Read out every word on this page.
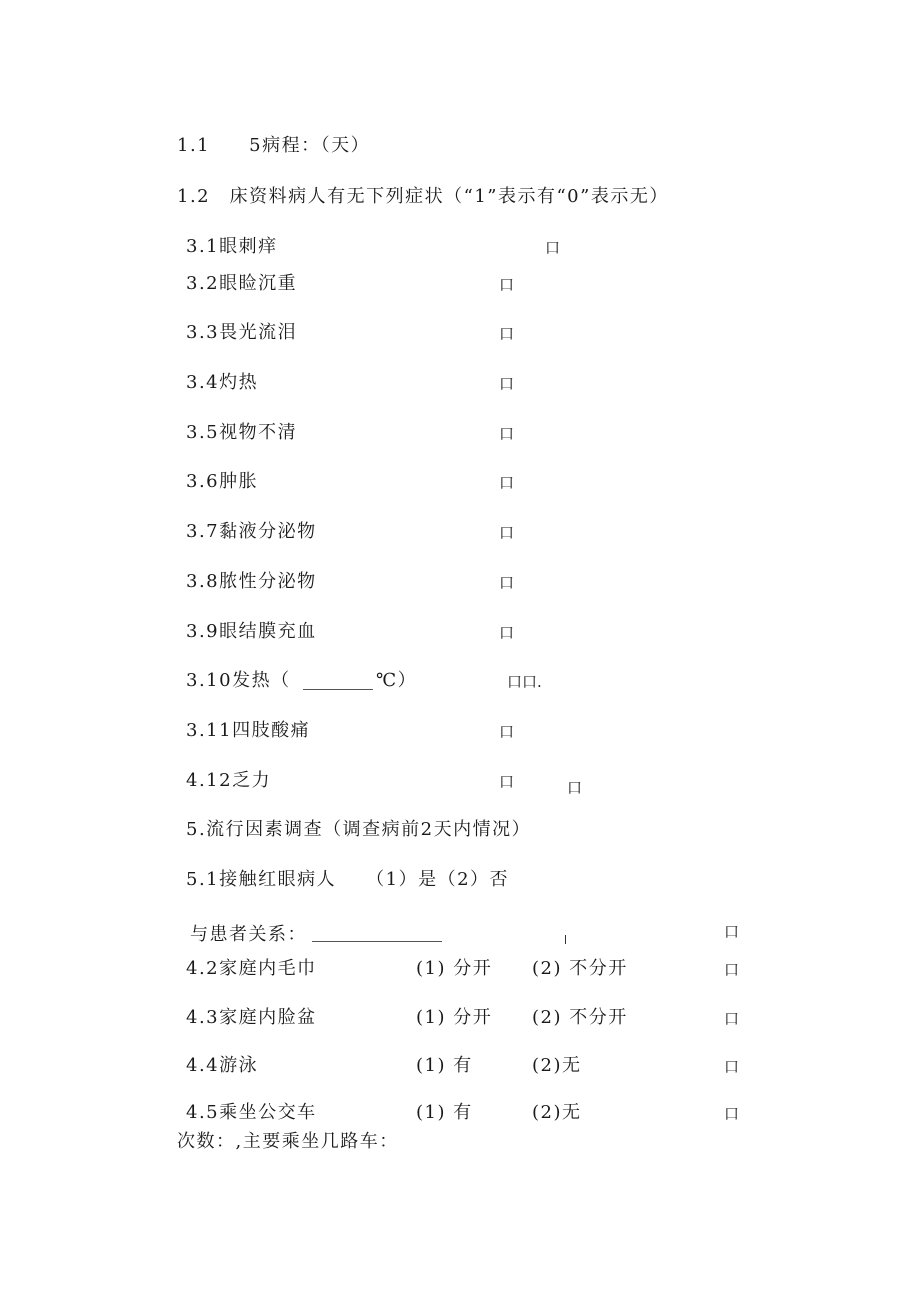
1.1　　5病程：（天）
1.2　床资料病人有无下列症状（“1”表示有“0”表示无）
3.1眼刺痒	口
3.2眼睑沉重	口
3.3畏光流泪	口
3.4灼热	口
3.5视物不清	口
3.6肿胀	口
3.7黏液分泌物	口
3.8脓性分泌物	口
3.9眼结膜充血	口
3.10发热（	℃）	口口.
3.11四肢酸痛	口
4.12乏力	口	口
5.流行因素调查（调查病前2天内情况）
5.1接触红眼病人　　（1）是（2）否
与患者关系：	口
4.2家庭内毛巾	(1) 分开 (2) 不分开	口
4.3家庭内脸盆	(1) 分开 (2) 不分开	口
4.4游泳	(1) 有	(2)无	口
4.5乘坐公交车	(1) 有	(2)无	口
次数：,主要乘坐几路车：
